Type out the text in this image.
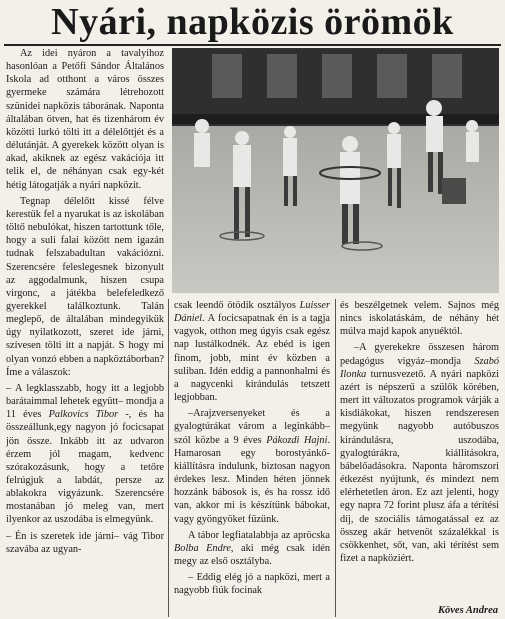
Nyári, napközis örömök

Az idei nyáron a tavalyihoz hasonlóan a Petőfi Sándor Általános Iskola ad otthont a város összes gyermeke számára létrehozott szünidei napközis táborának. Naponta általában ötven, hat és tizenhárom év közötti lurkó tölti itt a délelőttjét és a délutánját. A gyerekek között olyan is akad, akiknek az egész vakációja itt telik el, de néhányan csak egy-két hétig látogatják a nyári napközit.

Tegnap délelőtt kissé félve kerestük fel a nyarukat is az iskolában töltő nebulókat, hiszen tartottunk tőle, hogy a suli falai között nem igazán tudnak felszabadultan vakációzni. Szerencsére feleslegesnek bizonyult az aggodalmunk, hiszen csupa virgonc, a játékba belefeledkező gyerekkel találkoztunk. Talán meglepő, de általában mindegyikük úgy nyilatkozott, szeret ide járni, szívesen tölti itt a napját. S hogy mi olyan vonzó ebben a napköztáborban? Íme a válaszok:

– A legklasszabb, hogy itt a legjobb barátaimmal lehetek együtt– mondja a 11 éves Palkovics Tibor -, és ha összeállunk,egy nagyon jó focicsapat jön össze. Inkább itt az udvaron érzem jól magam, kedvenc szórakozásunk, hogy a tetőre felrúgjuk a labdát, persze az ablakokra vigyázunk. Szerencsére mostanában jó meleg van, mert ilyenkor az uszodába is elmegyünk.

– Én is szeretek ide járni– vág Tibor szavába az ugyan-

csak leendő ötödik osztályos Luisser Dániel. A focicsapatnak én is a tagja vagyok, otthon meg úgyis csak egész nap lustálkodnék. Az ebéd is igen finom, jobb, mint év közben a suliban. Idén eddig a pannonhalmi és a nagycenki kirándulás tetszett legjobban.

–Arajzversenyeket és a gyalogtúrákat várom a leginkább– szól közbe a 9 éves Pákozdi Hajni. Hamarosan egy borostyánkő-kiállításra indulunk, biztosan nagyon érdekes lesz. Minden héten jönnek hozzánk bábosok is, és ha rossz idő van, akkor mi is készítünk bábokat, vagy gyöngyöket fűzünk.

A tábor legfiatalabbja az apröcska Bolba Endre, aki még csak idén megy az első osztályba.

– Eddig elég jó a napközi, mert a nagyobb fiúk focinak

és beszélgetnek velem. Sajnos még nincs iskolatáskám, de néhány hét múlva majd kapok anyuéktól.

–A gyerekekre összesen három pedagógus vigyáz–mondja Szabó Ilonka turnusvezető. A nyári napközi azért is népszerű a szülők körében, mert itt változatos programok várják a kisdiákokat, hiszen rendszeresen megyünk nagyobb autóbuszos kirándulásra, uszodába, gyalogtúrákra, kiállításokra, bábelőadásokra. Naponta háromszori étkezést nyújtunk, és mindezt nem elérhetetlen áron. Ez azt jelenti, hogy egy napra 72 forint plusz áfa a térítési díj, de szociális támogatással ez az összeg akár hetvenöt százalékkal is csökkenhet, sőt, van, aki térítést sem fizet a napköziért.

Köves Andrea
